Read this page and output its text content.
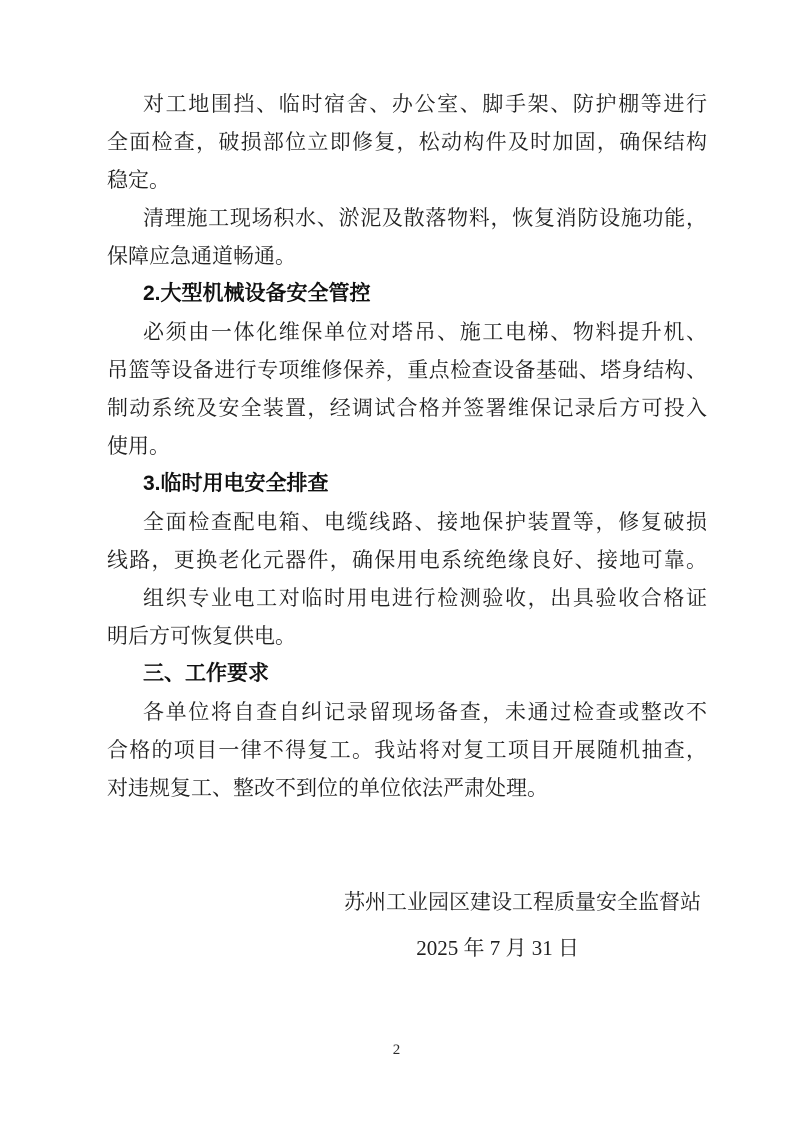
对工地围挡、临时宿舍、办公室、脚手架、防护棚等进行
全面检查，破损部位立即修复，松动构件及时加固，确保结构
稳定。
清理施工现场积水、淤泥及散落物料，恢复消防设施功能，
保障应急通道畅通。
2.大型机械设备安全管控
必须由一体化维保单位对塔吊、施工电梯、物料提升机、
吊篮等设备进行专项维修保养，重点检查设备基础、塔身结构、
制动系统及安全装置，经调试合格并签署维保记录后方可投入
使用。
3.临时用电安全排查
全面检查配电箱、电缆线路、接地保护装置等，修复破损
线路，更换老化元器件，确保用电系统绝缘良好、接地可靠。
组织专业电工对临时用电进行检测验收，出具验收合格证
明后方可恢复供电。
三、工作要求
各单位将自查自纠记录留现场备查，未通过检查或整改不
合格的项目一律不得复工。我站将对复工项目开展随机抽查，
对违规复工、整改不到位的单位依法严肃处理。
苏州工业园区建设工程质量安全监督站
2025 年 7 月 31 日
2
